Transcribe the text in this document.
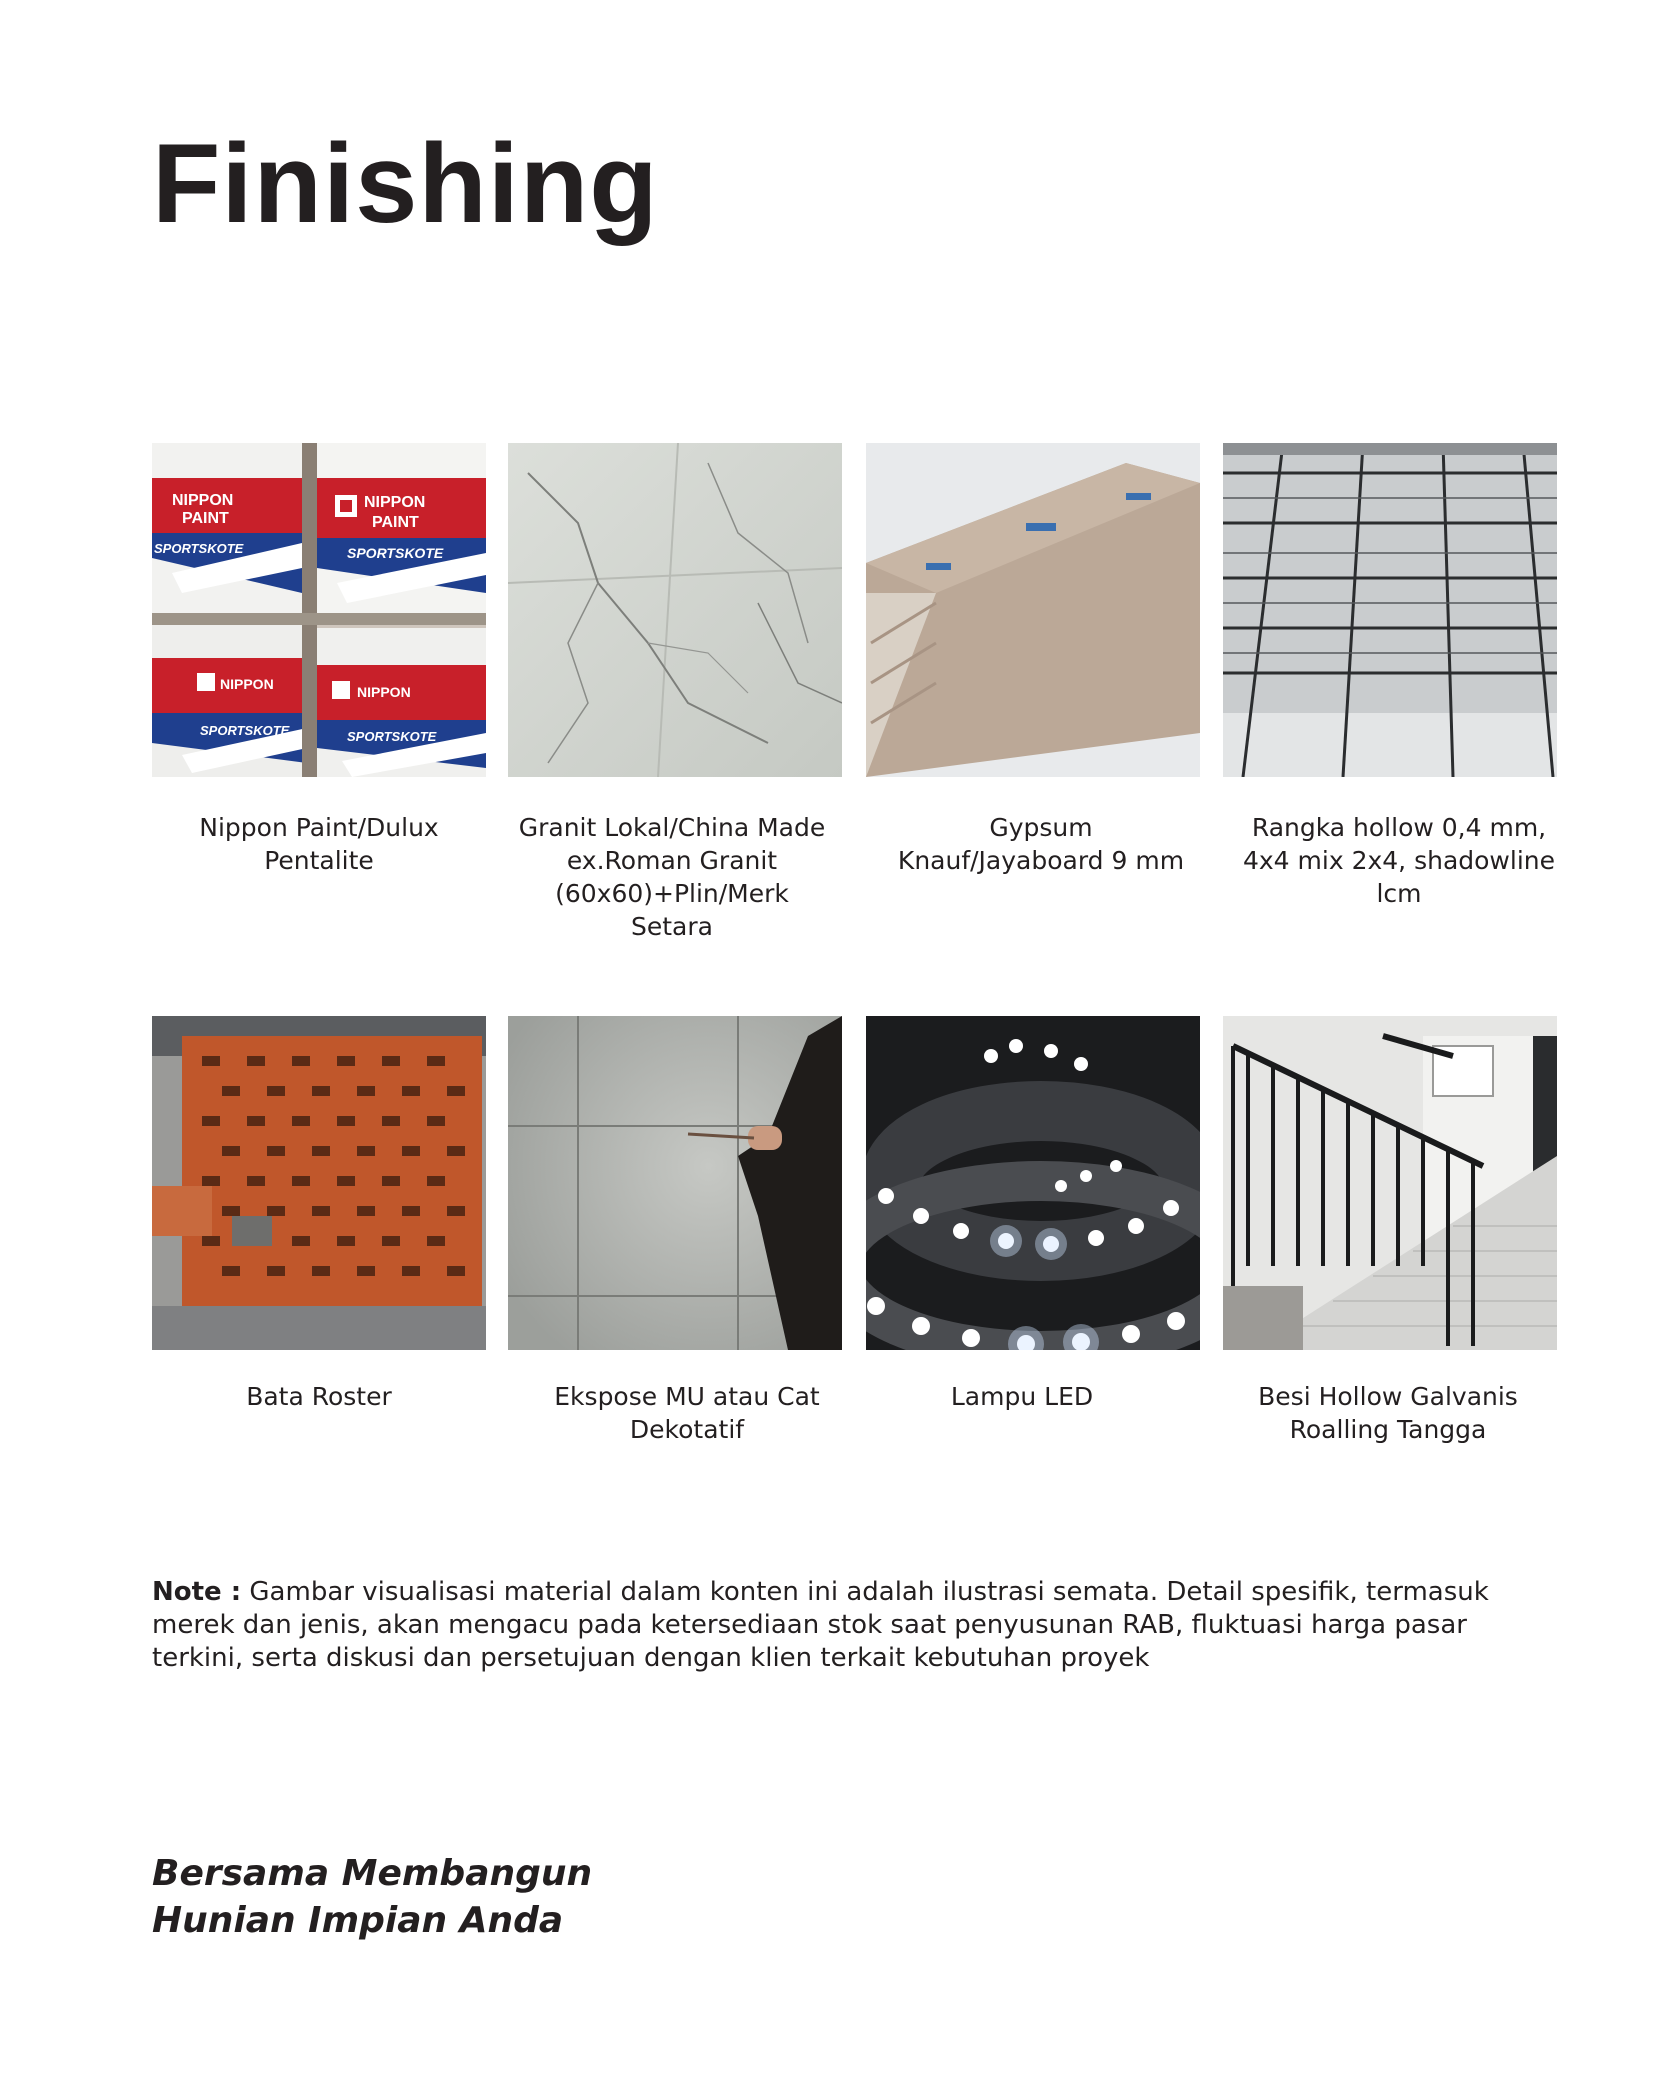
Finishing
NIPPON
PAINT
SPORTSKOTE
NIPPON
PAINT
SPORTSKOTE
NIPPON
SPORTSKOTE
NIPPON
SPORTSKOTE
Nippon Paint/Dulux
Pentalite
Granit Lokal/China Made
ex.Roman Granit
(60x60)+Plin/Merk
Setara
Gypsum
Knauf/Jayaboard 9 mm
Rangka hollow 0,4 mm,
4x4 mix 2x4, shadowline
lcm
Bata Roster	Ekspose MU atau Cat
Dekotatif
Lampu LED	Besi Hollow Galvanis
Roalling Tangga
Note : Gambar visualisasi material dalam konten ini adalah ilustrasi semata. Detail spesifik, termasuk
merek dan jenis, akan mengacu pada ketersediaan stok saat penyusunan RAB, fluktuasi harga pasar
terkini, serta diskusi dan persetujuan dengan klien terkait kebutuhan proyek
Bersama Membangun
Hunian Impian Anda
